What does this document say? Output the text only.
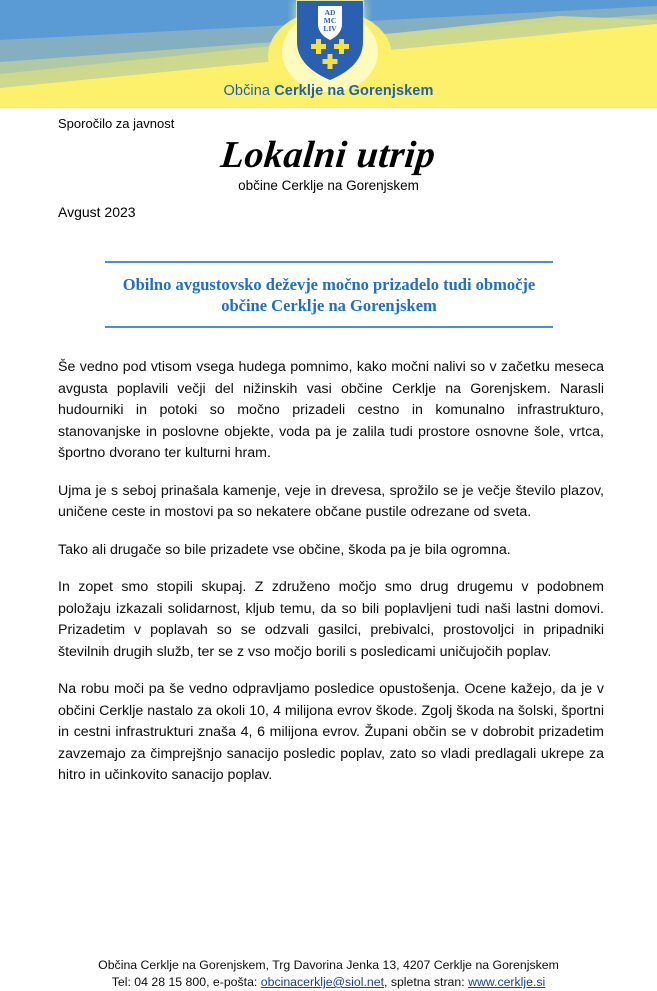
AD
MC
LIV
Občina Cerklje na Gorenjskem
Sporočilo za javnost
Lokalni utrip
občine Cerklje na Gorenjskem
Avgust 2023
Obilno avgustovsko deževje močno prizadelo tudi območje občine Cerklje na Gorenjskem

Še vedno pod vtisom vsega hudega pomnimo, kako močni nalivi so v začetku meseca avgusta poplavili večji del nižinskih vasi občine Cerklje na Gorenjskem. Narasli hudourniki in potoki so močno prizadeli cestno in komunalno infrastrukturo, stanovanjske in poslovne objekte, voda pa je zalila tudi prostore osnovne šole, vrtca, športno dvorano ter kulturni hram.

Ujma je s seboj prinašala kamenje, veje in drevesa, sprožilo se je večje število plazov, uničene ceste in mostovi pa so nekatere občane pustile odrezane od sveta.

Tako ali drugače so bile prizadete vse občine, škoda pa je bila ogromna.

In zopet smo stopili skupaj. Z združeno močjo smo drug drugemu v podobnem položaju izkazali solidarnost, kljub temu, da so bili poplavljeni tudi naši lastni domovi. Prizadetim v poplavah so se odzvali gasilci, prebivalci, prostovoljci in pripadniki številnih drugih služb, ter se z vso močjo borili s posledicami uničujočih poplav.

Na robu moči pa še vedno odpravljamo posledice opustošenja. Ocene kažejo, da je v občini Cerklje nastalo za okoli 10, 4 milijona evrov škode. Zgolj škoda na šolski, športni in cestni infrastrukturi znaša 4, 6 milijona evrov. Župani občin se v dobrobit prizadetim zavzemajo za čimprejšnjo sanacijo posledic poplav, zato so vladi predlagali ukrepe za hitro in učinkovito sanacijo poplav.

Občina Cerklje na Gorenjskem, Trg Davorina Jenka 13, 4207 Cerklje na Gorenjskem
Tel: 04 28 15 800, e-pošta: obcinacerklje@siol.net, spletna stran: www.cerklje.si
